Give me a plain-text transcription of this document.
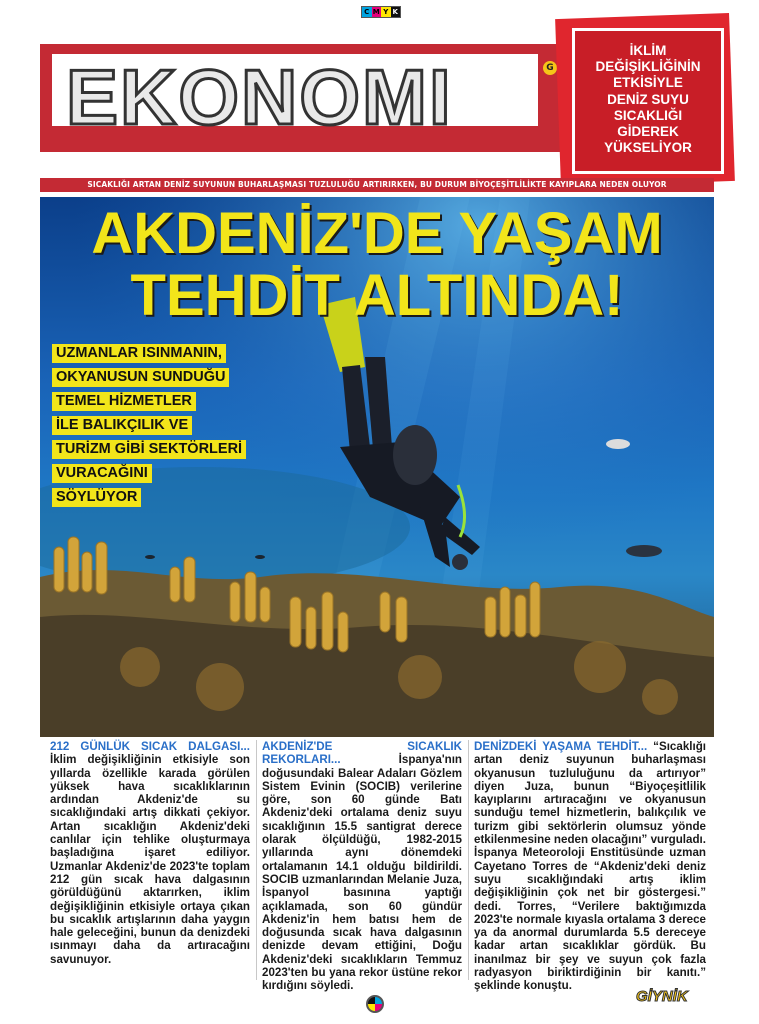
C M Y K
EKONOMI	G
15 Şubat 2024 Perşembe	Sayı: 561	Yıl: 2	Günlük Gazete	www.giynikgazetesi.com
İKLİM
DEĞİŞİKLİĞİNİN
ETKİSİYLE
DENİZ SUYU
SICAKLIĞI
GİDEREK
YÜKSELİYOR
SICAKLIĞI ARTAN DENİZ SUYUNUN BUHARLAŞMASI TUZLULUĞU ARTIRIRKEN, BU DURUM BİYOÇEŞİTLİLİKTE KAYIPLARA NEDEN OLUYOR
AKDENİZ'DE YAŞAM
TEHDİT ALTINDA!
UZMANLAR ISINMANIN,
OKYANUSUN SUNDUĞU
TEMEL HİZMETLER
İLE BALIKÇILIK VE
TURİZM GİBİ SEKTÖRLERİ
VURACAĞINI
SÖYLÜYOR
212 GÜNLÜK SICAK DALGASI... İklim değişikliğinin etkisiyle son yıllarda özellikle karada görülen yüksek hava sıcaklıklarının ardından Akdeniz'de su sıcaklığındaki artış dikkati çekiyor. Artan sıcaklığın Akdeniz'deki canlılar için tehlike oluşturmaya başladığına işaret ediliyor. Uzmanlar Akdeniz'de 2023'te toplam 212 gün sıcak hava dalgasının görüldüğünü aktarırken, iklim değişikliğinin etkisiyle ortaya çıkan bu sıcaklık artışlarının daha yaygın hale geleceğini, bunun da denizdeki ısınmayı daha da artıracağını savunuyor.
AKDENİZ'DE SICAKLIK REKORLARI... İspanya'nın doğusundaki Balear Adaları Gözlem Sistem Evinin (SOCIB) verilerine göre, son 60 günde Batı Akdeniz'deki ortalama deniz suyu sıcaklığının 15.5 santigrat derece olarak ölçüldüğü, 1982-2015 yıllarında aynı dönemdeki ortalamanın 14.1 olduğu bildirildi. SOCIB uzmanlarından Melanie Juza, İspanyol basınına yaptığı açıklamada, son 60 gündür Akdeniz'in hem batısı hem de doğusunda sıcak hava dalgasının denizde devam ettiğini, Doğu Akdeniz'deki sıcaklıkların Temmuz 2023'ten bu yana rekor üstüne rekor kırdığını söyledi.
DENİZDEKİ YAŞAMA TEHDİT... “Sıcaklığı artan deniz suyunun buharlaşması okyanusun tuzluluğunu da artırıyor” diyen Juza, bunun “Biyoçeşitlilik kayıplarını artıracağını ve okyanusun sunduğu temel hizmetlerin, balıkçılık ve turizm gibi sektörlerin olumsuz yönde etkilenmesine neden olacağını” vurguladı. İspanya Meteoroloji Enstitüsünde uzman Cayetano Torres de “Akdeniz'deki deniz suyu sıcaklığındaki artış iklim değişikliğinin çok net bir göstergesi.” dedi. Torres, “Verilere baktığımızda 2023'te normale kıyasla ortalama 3 derece ya da anormal durumlarda 5.5 dereceye kadar artan sıcaklıklar gördük. Bu inanılmaz bir şey ve suyun çok fazla radyasyon biriktirdiğinin bir kanıtı.” şeklinde konuştu.
GİYNİK
